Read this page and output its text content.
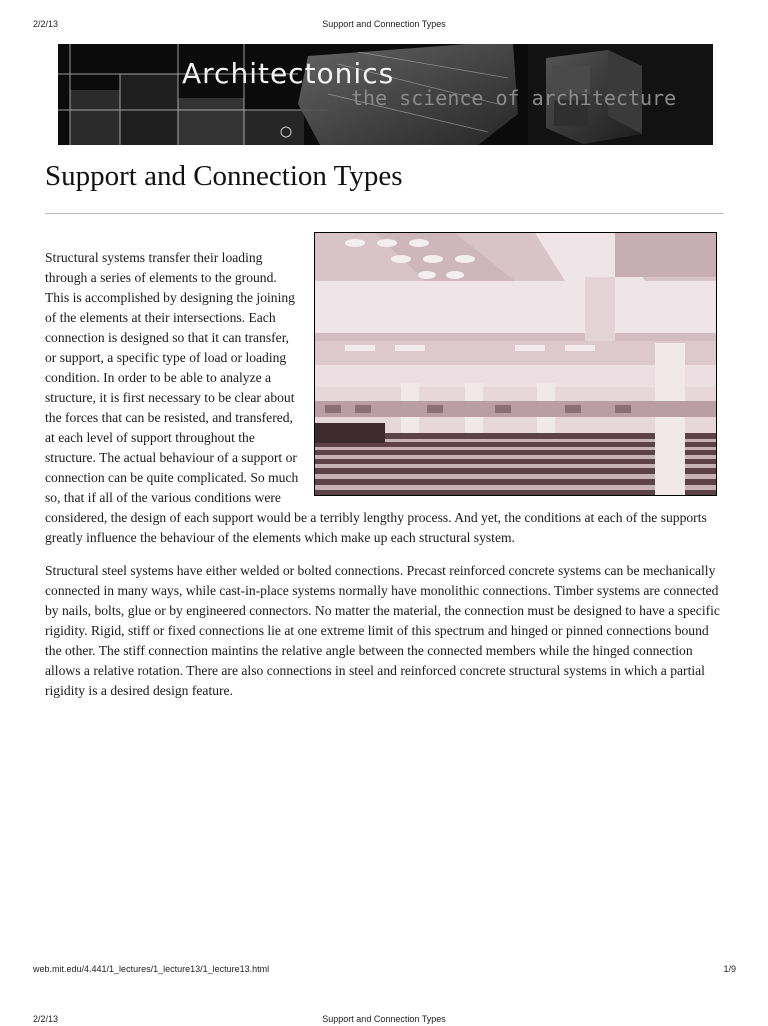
2/2/13	Support and Connection Types
Architectonics
the science of architecture
Support and Connection Types

Structural systems transfer their loading through a series of elements to the ground. This is accomplished by designing the joining of the elements at their intersections. Each connection is designed so that it can transfer, or support, a specific type of load or loading condition. In order to be able to analyze a structure, it is first necessary to be clear about the forces that can be resisted, and transfered, at each level of support throughout the structure. The actual behaviour of a support or connection can be quite complicated. So much so, that if all of the various conditions were considered, the design of each support would be a terribly lengthy process. And yet, the conditions at each of the supports greatly influence the behaviour of the elements which make up each structural system.

Structural steel systems have either welded or bolted connections. Precast reinforced concrete systems can be mechanically connected in many ways, while cast-in-place systems normally have monolithic connections. Timber systems are connected by nails, bolts, glue or by engineered connectors. No matter the material, the connection must be designed to have a specific rigidity. Rigid, stiff or fixed connections lie at one extreme limit of this spectrum and hinged or pinned connections bound the other. The stiff connection maintins the relative angle between the connected members while the hinged connection allows a relative rotation. There are also connections in steel and reinforced concrete structural systems in which a partial rigidity is a desired design feature.

web.mit.edu/4.441/1_lectures/1_lecture13/1_lecture13.html	1/9
2/2/13	Support and Connection Types
